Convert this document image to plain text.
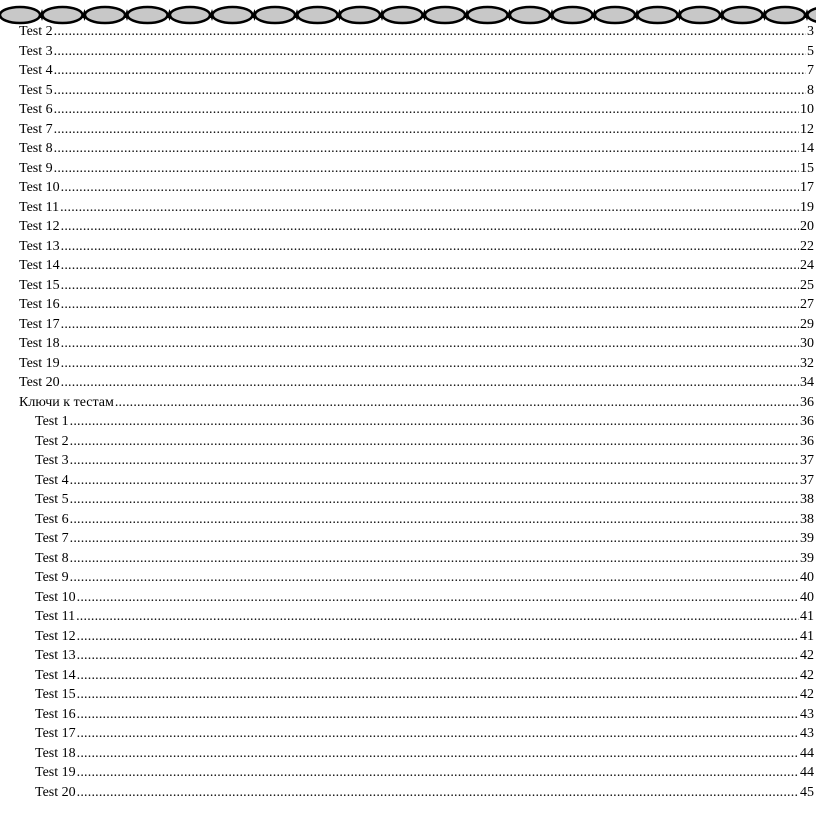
Test 2 .....	3
Test 3 .....	5
Test 4 .....	7
Test 5 .....	8
Test 6 .....	10
Test 7 .....	12
Test 8 .....	14
Test 9 .....	15
Test 10 .....	17
Test 11 .....	19
Test 12 .....	20
Test 13 .....	22
Test 14 .....	24
Test 15 .....	25
Test 16 .....	27
Test 17 .....	29
Test 18 .....	30
Test 19 .....	32
Test 20 .....	34
Ключи к тестам .....	36
Test 1 .....	36
Test 2 .....	36
Test 3 .....	37
Test 4 .....	37
Test 5 .....	38
Test 6 .....	38
Test 7 .....	39
Test 8 .....	39
Test 9 .....	40
Test 10 .....	40
Test 11 .....	41
Test 12 .....	41
Test 13 .....	42
Test 14 .....	42
Test 15 .....	42
Test 16 .....	43
Test 17 .....	43
Test 18 .....	44
Test 19 .....	44
Test 20 .....	45
